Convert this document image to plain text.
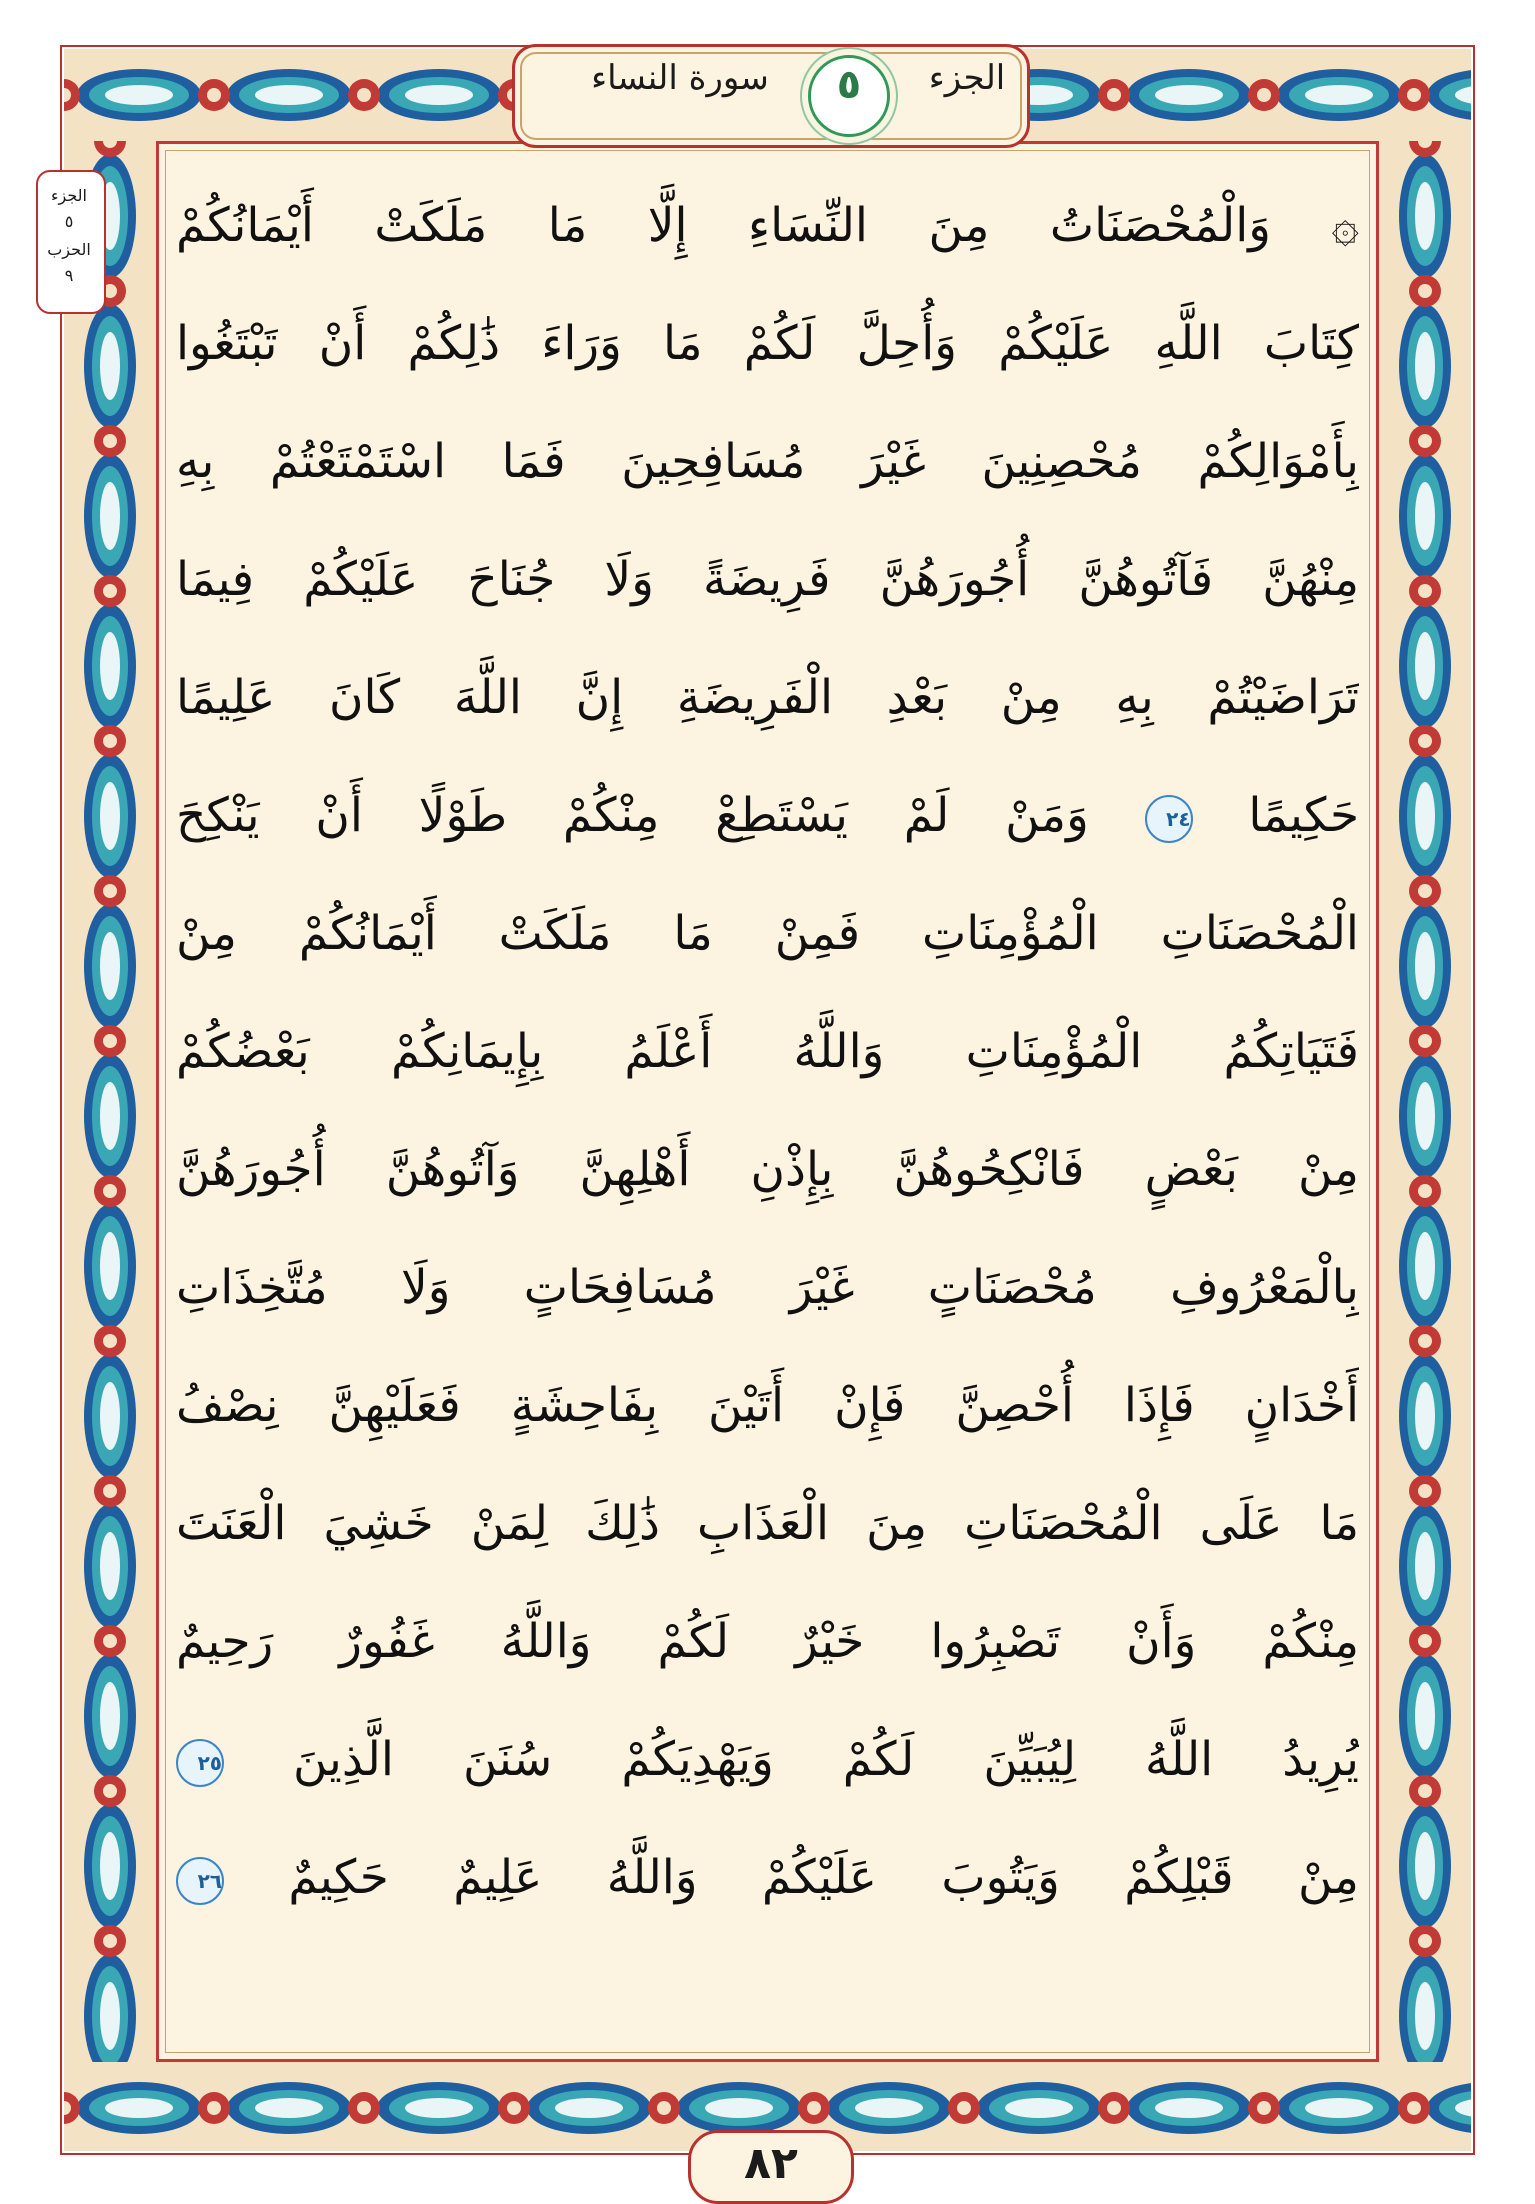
الجزء
سورة النساء	٥
الجزء
٥
الحزب
٩
۞ وَالْمُحْصَنَاتُ مِنَ النِّسَاءِ إِلَّا مَا مَلَكَتْ أَيْمَانُكُمْ
كِتَابَ اللَّهِ عَلَيْكُمْ وَأُحِلَّ لَكُمْ مَا وَرَاءَ ذَٰلِكُمْ أَنْ تَبْتَغُوا
بِأَمْوَالِكُمْ مُحْصِنِينَ غَيْرَ مُسَافِحِينَ فَمَا اسْتَمْتَعْتُمْ بِهِ
مِنْهُنَّ فَآتُوهُنَّ أُجُورَهُنَّ فَرِيضَةً وَلَا جُنَاحَ عَلَيْكُمْ فِيمَا
تَرَاضَيْتُمْ بِهِ مِنْ بَعْدِ الْفَرِيضَةِ إِنَّ اللَّهَ كَانَ عَلِيمًا
حَكِيمًا ٢٤ وَمَنْ لَمْ يَسْتَطِعْ مِنْكُمْ طَوْلًا أَنْ يَنْكِحَ
الْمُحْصَنَاتِ الْمُؤْمِنَاتِ فَمِنْ مَا مَلَكَتْ أَيْمَانُكُمْ مِنْ
فَتَيَاتِكُمُ الْمُؤْمِنَاتِ وَاللَّهُ أَعْلَمُ بِإِيمَانِكُمْ بَعْضُكُمْ
مِنْ بَعْضٍ فَانْكِحُوهُنَّ بِإِذْنِ أَهْلِهِنَّ وَآتُوهُنَّ أُجُورَهُنَّ
بِالْمَعْرُوفِ مُحْصَنَاتٍ غَيْرَ مُسَافِحَاتٍ وَلَا مُتَّخِذَاتِ
أَخْدَانٍ فَإِذَا أُحْصِنَّ فَإِنْ أَتَيْنَ بِفَاحِشَةٍ فَعَلَيْهِنَّ نِصْفُ
مَا عَلَى الْمُحْصَنَاتِ مِنَ الْعَذَابِ ذَٰلِكَ لِمَنْ خَشِيَ الْعَنَتَ
مِنْكُمْ وَأَنْ تَصْبِرُوا خَيْرٌ لَكُمْ وَاللَّهُ غَفُورٌ رَحِيمٌ
يُرِيدُ اللَّهُ لِيُبَيِّنَ لَكُمْ وَيَهْدِيَكُمْ سُنَنَ الَّذِينَ ٢٥
مِنْ قَبْلِكُمْ وَيَتُوبَ عَلَيْكُمْ وَاللَّهُ عَلِيمٌ حَكِيمٌ ٢٦
٨٢
